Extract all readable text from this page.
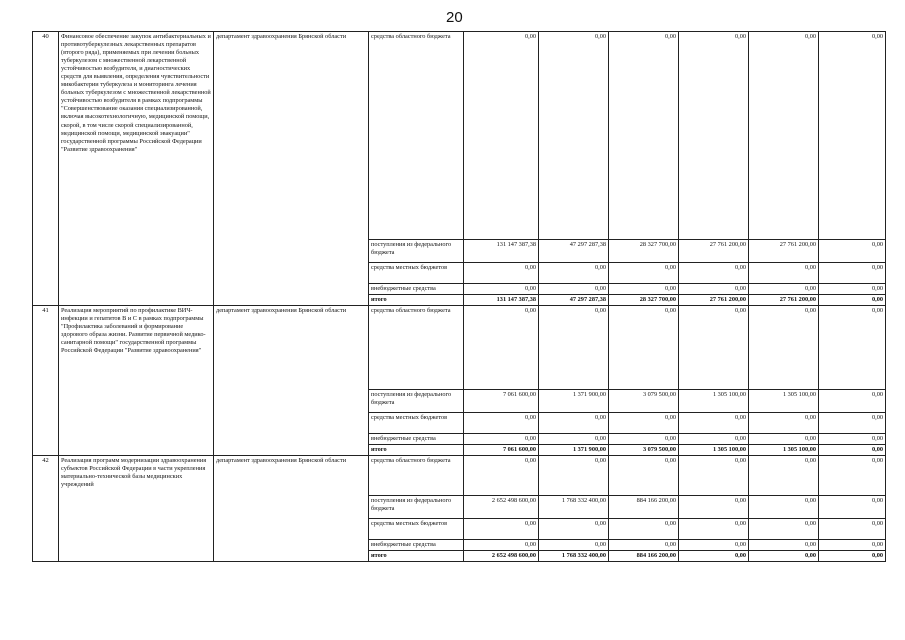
20
40	Финансовое обеспечение закупок антибактериальных и противотуберкулезных лекарственных препаратов (второго ряда), применяемых при лечении больных туберкулезом с множественной лекарственной устойчивостью возбудителя, и диагностических средств для выявления, определения чувствительности микобактерии туберкулеза и мониторинга лечения больных туберкулезом с множественной лекарственной устойчивостью возбудителя в рамках подпрограммы "Совершенствование оказания специализированной, включая высокотехнологичную, медицинской помощи, скорой, в том числе скорой специализированной, медицинской помощи, медицинской эвакуации" государственной программы Российской Федерации "Развитие здравоохранения"	департамент здравоохранения Брянской области	средства областного бюджета	0,00	0,00	0,00	0,00	0,00	0,00
			поступления из федерального бюджета	131 147 387,38	47 297 287,38	28 327 700,00	27 761 200,00	27 761 200,00	0,00
			средства местных бюджетов	0,00	0,00	0,00	0,00	0,00	0,00
			внебюджетные средства	0,00	0,00	0,00	0,00	0,00	0,00
			итого	131 147 387,38	47 297 287,38	28 327 700,00	27 761 200,00	27 761 200,00	0,00
41	Реализация мероприятий по профилактике ВИЧ-инфекции и гепатитов В и С в рамках подпрограммы "Профилактика заболеваний и формирование здорового образа жизни. Развитие первичной медико-санитарной помощи" государственной программы Российской Федерации "Развитие здравоохранения"	департамент здравоохранения Брянской области	средства областного бюджета	0,00	0,00	0,00	0,00	0,00	0,00
			поступления из федерального бюджета	7 061 600,00	1 371 900,00	3 079 500,00	1 305 100,00	1 305 100,00	0,00
			средства местных бюджетов	0,00	0,00	0,00	0,00	0,00	0,00
			внебюджетные средства	0,00	0,00	0,00	0,00	0,00	0,00
			итого	7 061 600,00	1 371 900,00	3 079 500,00	1 305 100,00	1 305 100,00	0,00
42	Реализация программ модернизации здравоохранения субъектов Российской Федерации в части укрепления материально-технической базы медицинских учреждений	департамент здравоохранения Брянской области	средства областного бюджета	0,00	0,00	0,00	0,00	0,00	0,00
			поступления из федерального бюджета	2 652 498 600,00	1 768 332 400,00	884 166 200,00	0,00	0,00	0,00
			средства местных бюджетов	0,00	0,00	0,00	0,00	0,00	0,00
			внебюджетные средства	0,00	0,00	0,00	0,00	0,00	0,00
			итого	2 652 498 600,00	1 768 332 400,00	884 166 200,00	0,00	0,00	0,00
